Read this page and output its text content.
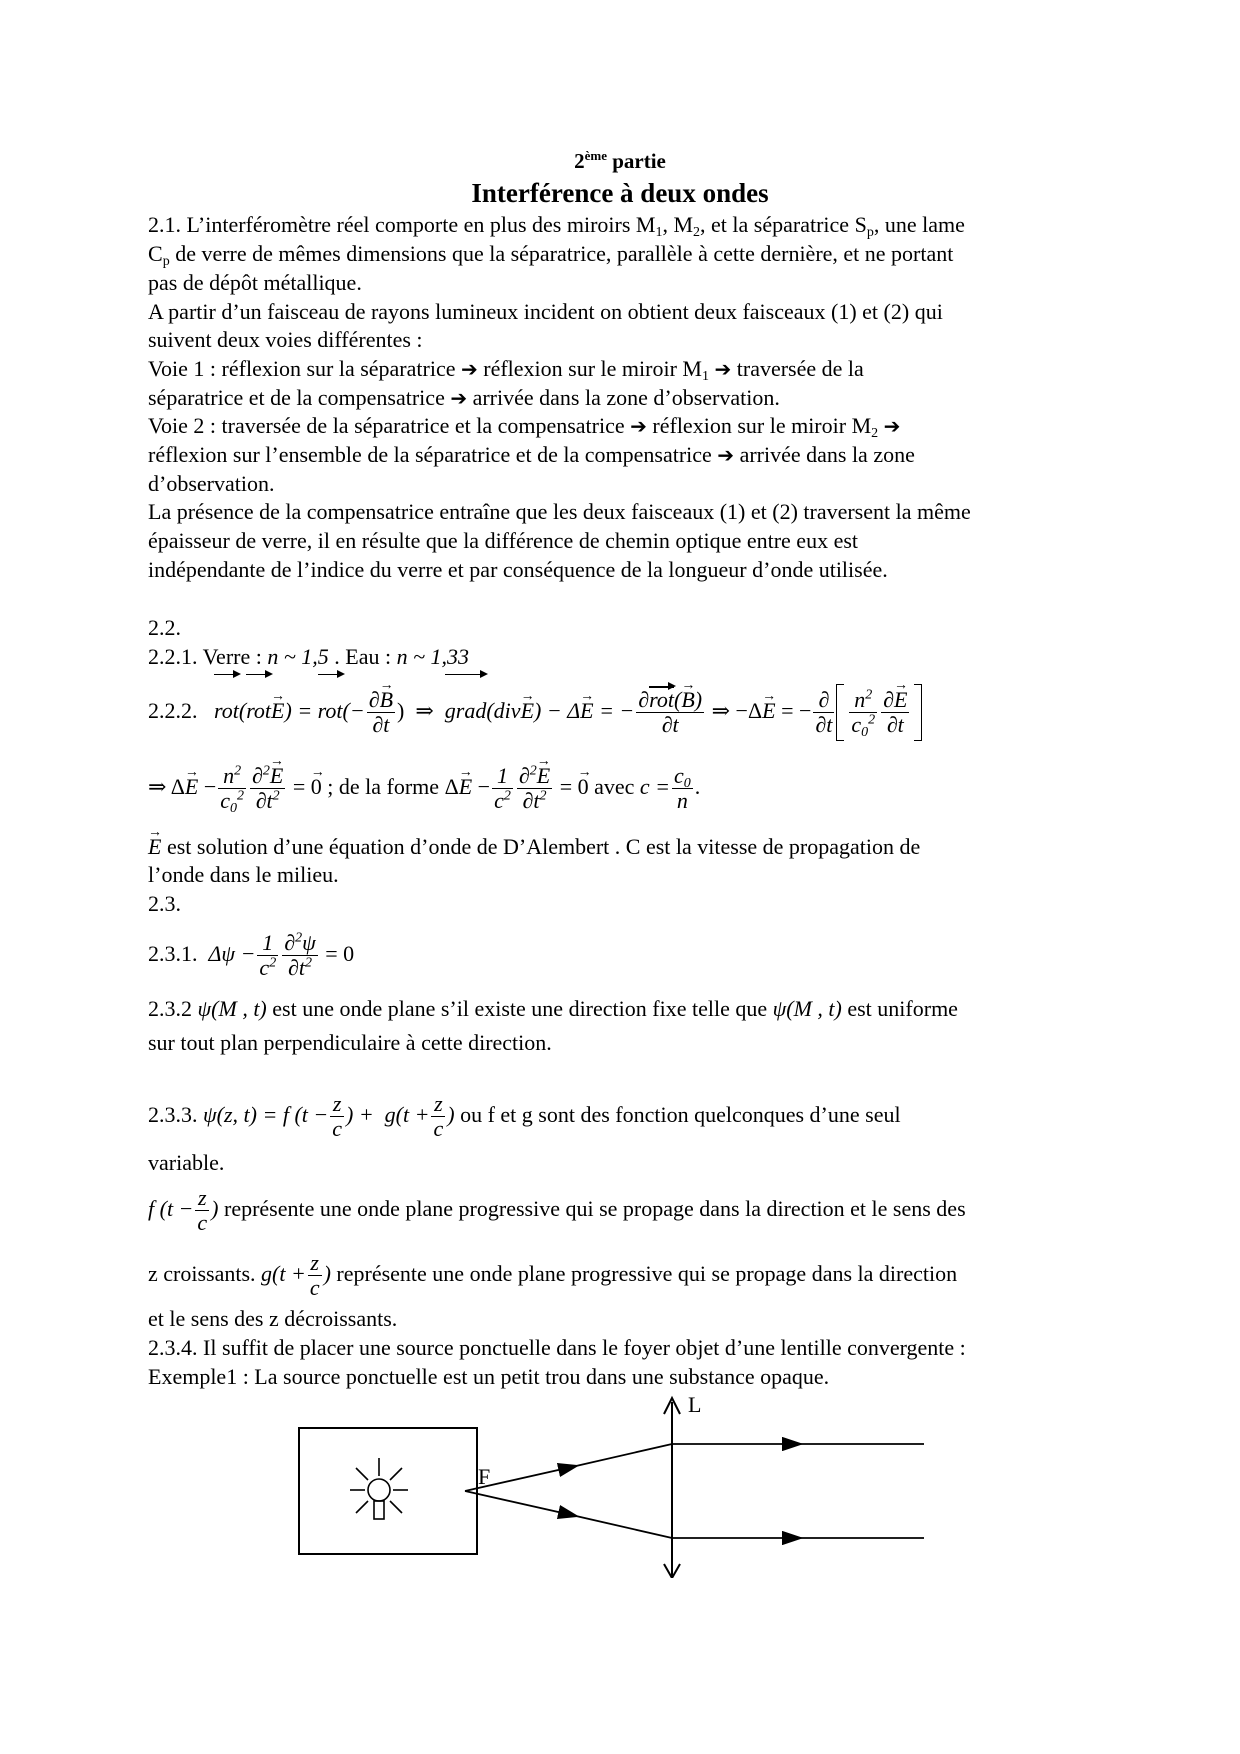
2ème partie
Interférence à deux ondes
2.1. L’interféromètre réel comporte en plus des miroirs $M_1$, $M_2$, et la séparatrice $S_p$, une lame
$C_p$ de verre de mêmes dimensions que la séparatrice, parallèle à cette dernière, et ne portant
pas de dépôt métallique.
A partir d’un faisceau de rayons lumineux incident on obtient deux faisceaux (1) et (2) qui
suivent deux voies différentes :
Voie 1 : réflexion sur la séparatrice ➔ réflexion sur le miroir $M_1$ ➔ traversée de la
séparatrice et de la compensatrice ➔ arrivée dans la zone d’observation.
Voie 2 : traversée de la séparatrice et la compensatrice ➔ réflexion sur le miroir $M_2$ ➔
réflexion sur l’ensemble de la séparatrice et de la compensatrice ➔ arrivée dans la zone
d’observation.
La présence de la compensatrice entraîne que les deux faisceaux (1) et (2) traversent la même
épaisseur de verre, il en résulte que la différence de chemin optique entre eux est
indépendante de l’indice du verre et par conséquence de la longueur d’onde utilisée.
2.2.
2.2.1. Verre : n ~ 1,5 . Eau : n ~ 1,33
2.2.2. $rot(rot\to E) = rot(- \frac{\partial\to B}{\partial t}$ )  ⇒  grad(div→ E) − Δ→ E = − ∂rot(→ B)
∂t
⇒ −Δ→ E = − ∂
$\partial t \frac{n^2}{c_0^2} \frac{\partial\to E}{\partial t}$
⇒ $\Delta\to E - \frac{n^2}{c_0^2} \frac{\partial^2\to E}{\partial t^2}$ = → 0 ; de la forme $\Delta\to E - \frac{1}{c^2} \frac{\partial^2\to E}{\partial t^2}$ = → 0 avec $c = \frac{c_0}{n}$ .
→ E est solution d’une équation d’onde de D’Alembert . C est la vitesse de propagation de
l’onde dans le milieu.
2.3.
2.3.1. $\Delta\psi - \frac{1}{c^2} \frac{\partial^2\psi}{\partial t^2} = 0$
2.3.2 ψ(M , t) est une onde plane s’il existe une direction fixe telle que ψ(M , t) est uniforme
sur tout plan perpendiculaire à cette direction.
2.3.3. ψ(z, t) = f ($t - \frac{z}{c}$ ) +  $g(t + \frac{z}{c}$ ) ou f et g sont des fonction quelconques d’une seul
variable.
f ($t - \frac{z}{c}$ ) représente une onde plane progressive qui se propage dans la direction et le sens des
z croissants. $g(t + \frac{z}{c}$ ) représente une onde plane progressive qui se propage dans la direction
et le sens des z décroissants.
2.3.4. Il suffit de placer une source ponctuelle dans le foyer objet d’une lentille convergente :
Exemple1 : La source ponctuelle est un petit trou dans une substance opaque.
L
F
